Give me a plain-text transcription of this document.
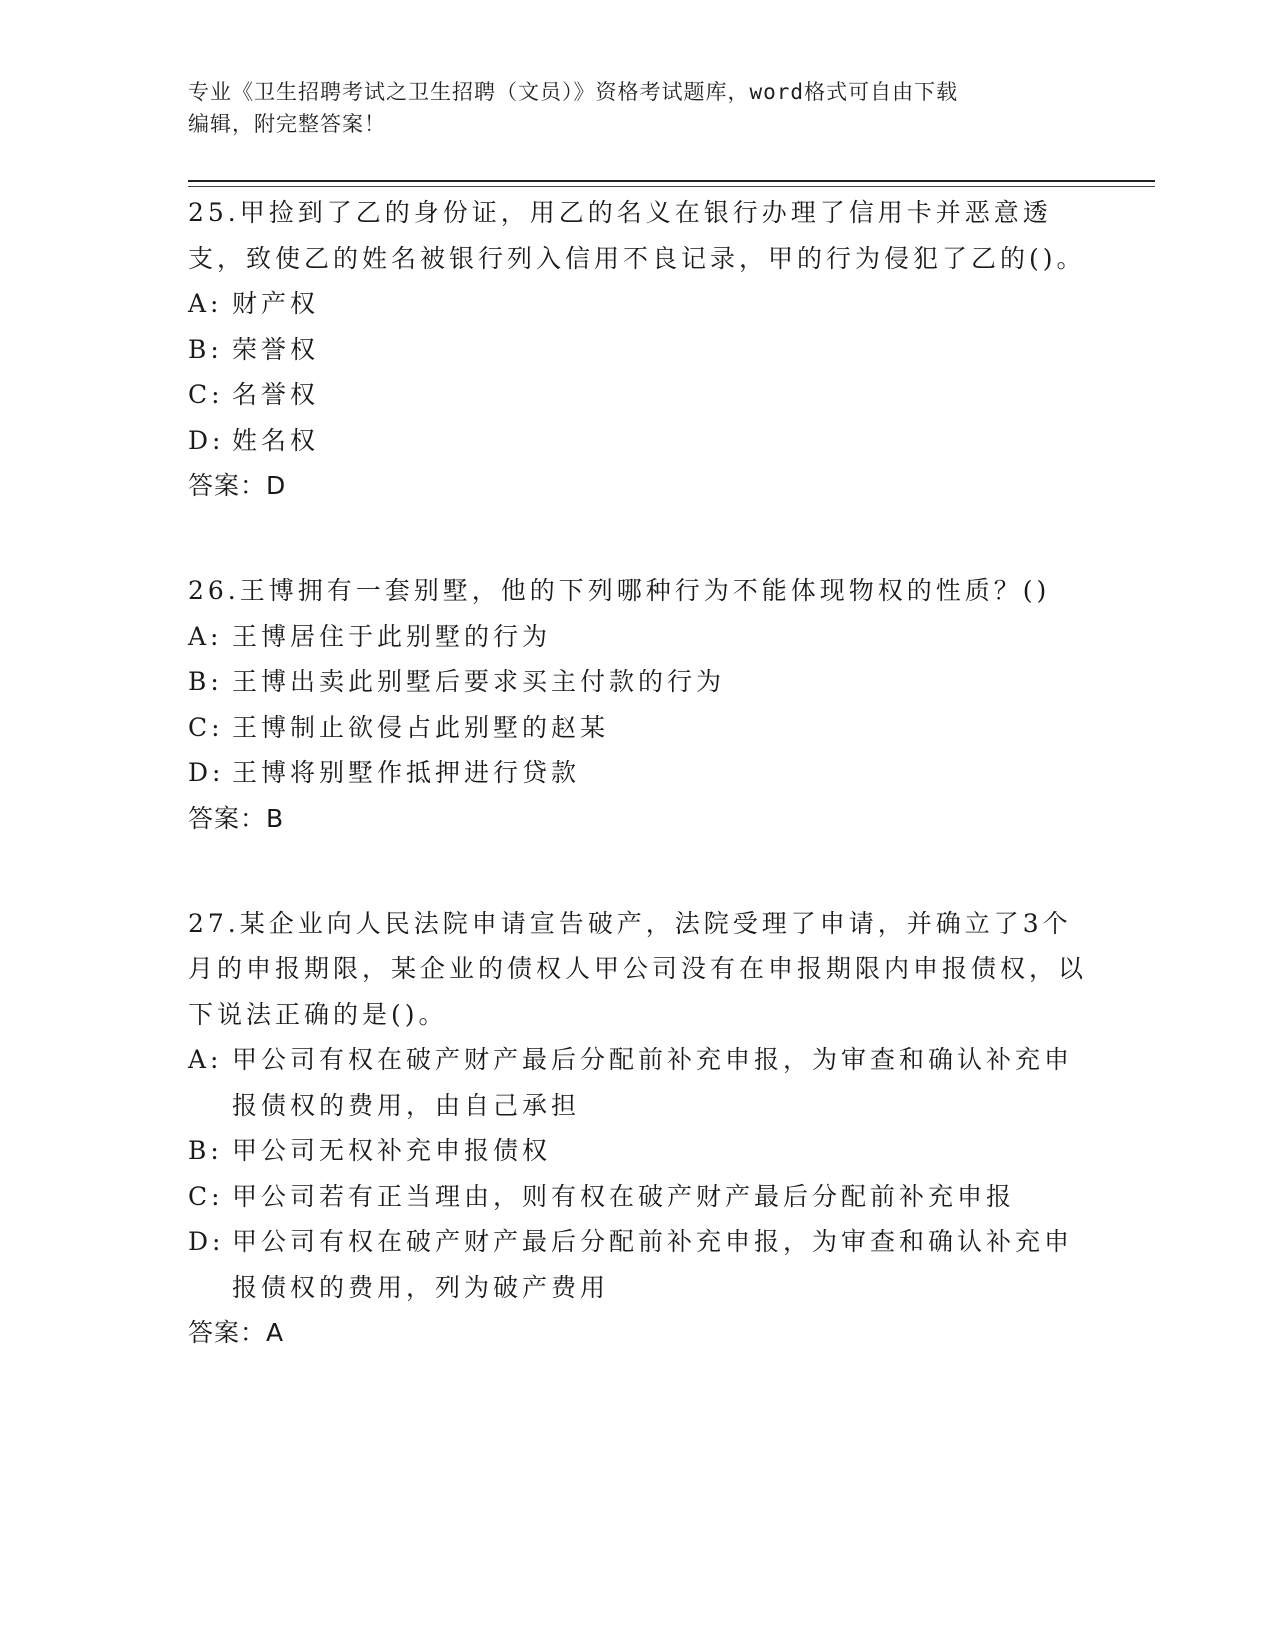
专业《卫生招聘考试之卫生招聘（文员）》资格考试题库，word格式可自由下载
编辑，附完整答案！
25.甲捡到了乙的身份证，用乙的名义在银行办理了信用卡并恶意透支，致使乙的姓名被银行列入信用不良记录，甲的行为侵犯了乙的()。
A: 财产权
B: 荣誉权
C: 名誉权
D: 姓名权
答案：D
26.王博拥有一套别墅，他的下列哪种行为不能体现物权的性质？()
A: 王博居住于此别墅的行为
B: 王博出卖此别墅后要求买主付款的行为
C: 王博制止欲侵占此别墅的赵某
D: 王博将别墅作抵押进行贷款
答案：B
27.某企业向人民法院申请宣告破产，法院受理了申请，并确立了3个月的申报期限，某企业的债权人甲公司没有在申报期限内申报债权，以下说法正确的是()。
A: 甲公司有权在破产财产最后分配前补充申报，为审查和确认补充申报债权的费用，由自己承担
B: 甲公司无权补充申报债权
C: 甲公司若有正当理由，则有权在破产财产最后分配前补充申报
D: 甲公司有权在破产财产最后分配前补充申报，为审查和确认补充申报债权的费用，列为破产费用
答案：A
